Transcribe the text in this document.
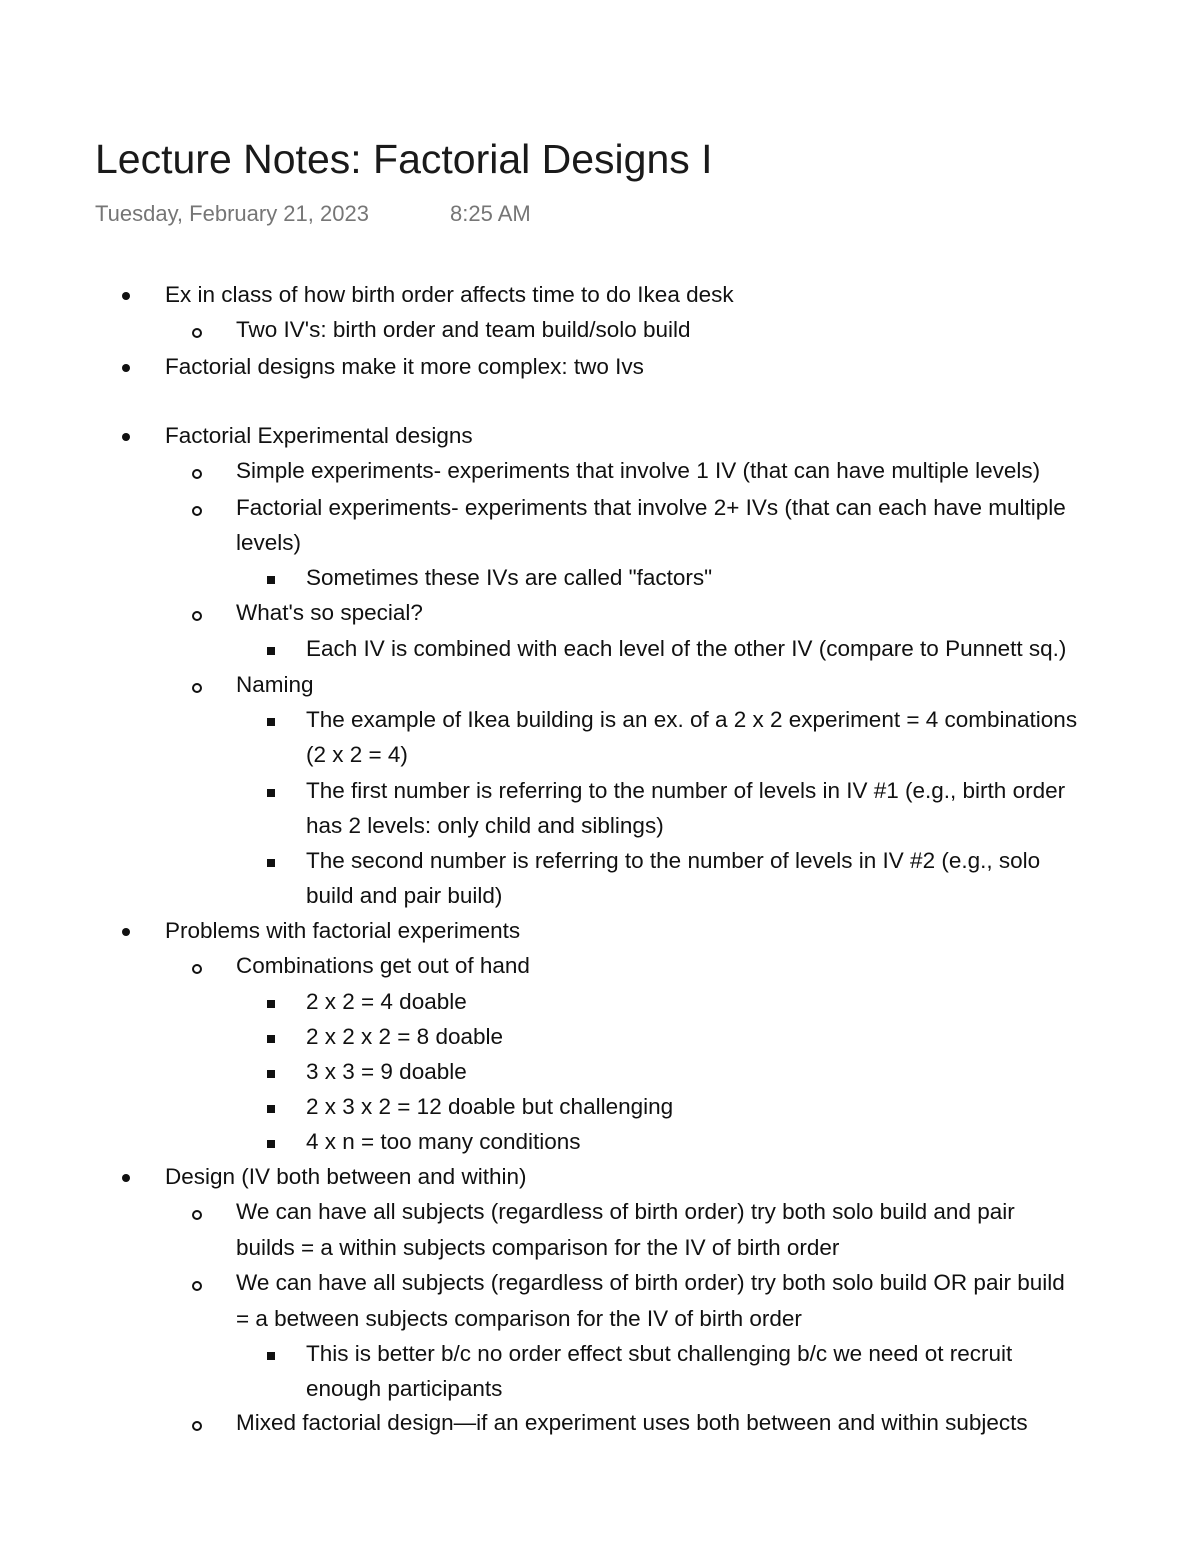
Lecture Notes: Factorial Designs I
Tuesday, February 21, 2023	8:25 AM
Ex in class of how birth order affects time to do Ikea desk
Two IV's: birth order and team build/solo build
Factorial designs make it more complex: two Ivs
Factorial Experimental designs
Simple experiments- experiments that involve 1 IV (that can have multiple levels)
Factorial experiments- experiments that involve 2+ IVs (that can each have multiple
levels)
Sometimes these IVs are called "factors"
What's so special?
Each IV is combined with each level of the other IV (compare to Punnett sq.)
Naming
The example of Ikea building is an ex. of a 2 x 2 experiment = 4 combinations
(2 x 2 = 4)
The first number is referring to the number of levels in IV #1 (e.g., birth order
has 2 levels: only child and siblings)
The second number is referring to the number of levels in IV #2 (e.g., solo
build and pair build)
Problems with factorial experiments
Combinations get out of hand
2 x 2 = 4 doable
2 x 2 x 2 = 8 doable
3 x 3 = 9 doable
2 x 3 x 2 = 12 doable but challenging
4 x n = too many conditions
Design (IV both between and within)
We can have all subjects (regardless of birth order) try both solo build and pair
builds = a within subjects comparison for the IV of birth order
We can have all subjects (regardless of birth order) try both solo build OR pair build
= a between subjects comparison for the IV of birth order
This is better b/c no order effect sbut challenging b/c we need ot recruit
enough participants
Mixed factorial design—if an experiment uses both between and within subjects
